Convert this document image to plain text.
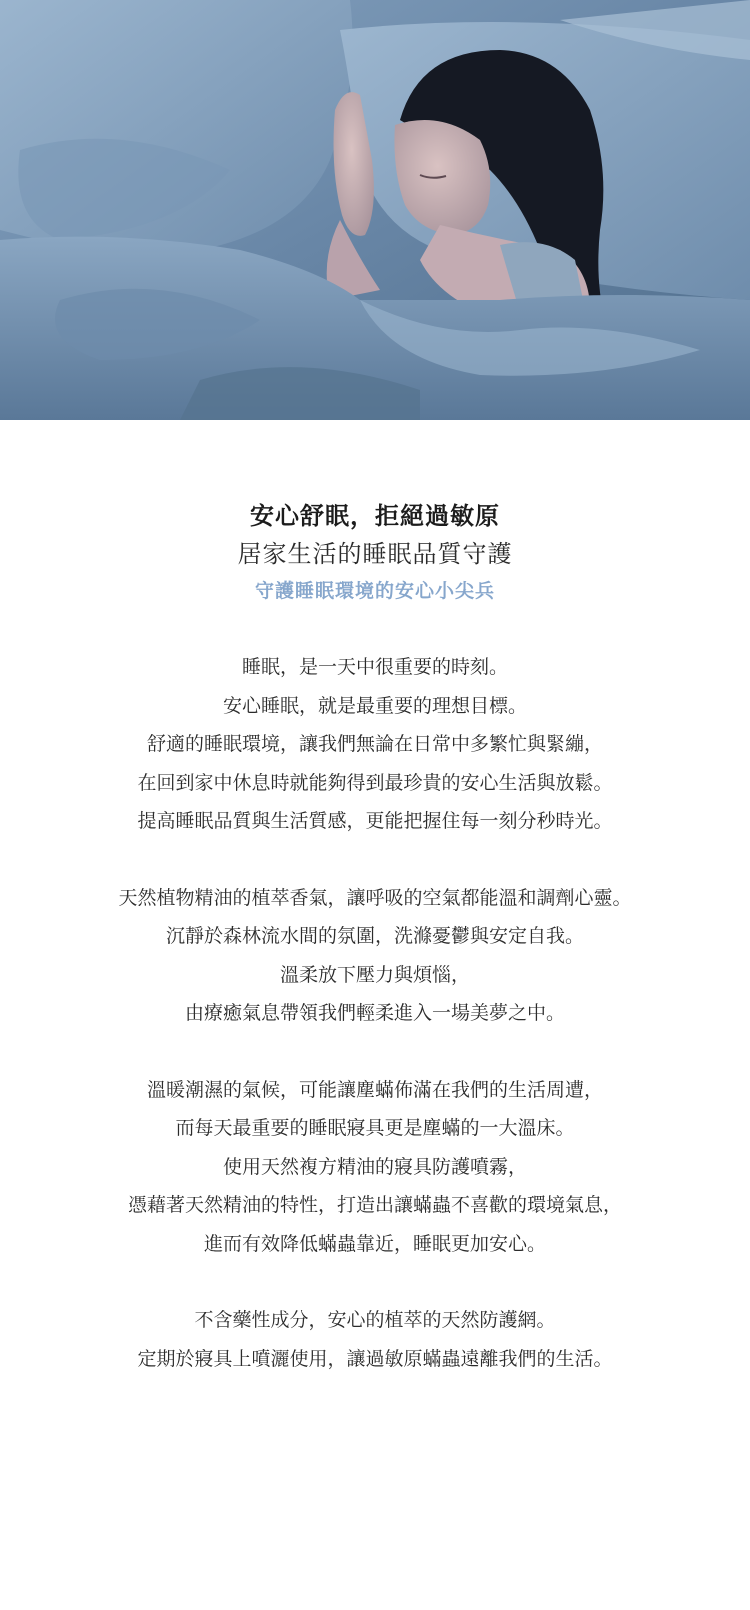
安心舒眠，拒絕過敏原

居家生活的睡眠品質守護

守護睡眠環境的安心小尖兵

睡眠，是一天中很重要的時刻。

安心睡眠，就是最重要的理想目標。

舒適的睡眠環境，讓我們無論在日常中多繁忙與緊繃，

在回到家中休息時就能夠得到最珍貴的安心生活與放鬆。

提高睡眠品質與生活質感，更能把握住每一刻分秒時光。

天然植物精油的植萃香氣，讓呼吸的空氣都能溫和調劑心靈。

沉靜於森林流水間的氛圍，洗滌憂鬱與安定自我。

溫柔放下壓力與煩惱，

由療癒氣息帶領我們輕柔進入一場美夢之中。

溫暖潮濕的氣候，可能讓塵蟎佈滿在我們的生活周遭，

而每天最重要的睡眠寢具更是塵蟎的一大溫床。

使用天然複方精油的寢具防護噴霧，

憑藉著天然精油的特性，打造出讓蟎蟲不喜歡的環境氣息，

進而有效降低蟎蟲靠近，睡眠更加安心。

不含藥性成分，安心的植萃的天然防護網。

定期於寢具上噴灑使用，讓過敏原蟎蟲遠離我們的生活。
